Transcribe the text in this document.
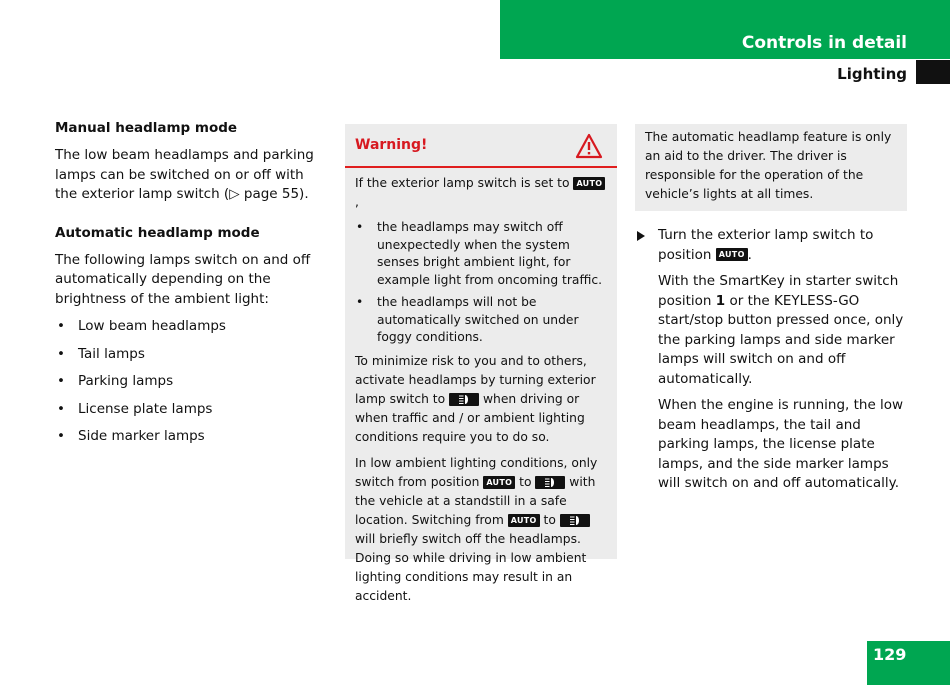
Controls in detail
Lighting
Manual headlamp mode

The low beam headlamps and parking lamps can be switched on or off with the exterior lamp switch (▷ page 55).

Automatic headlamp mode

The following lamps switch on and off automatically depending on the brightness of the ambient light:

• Low beam headlamps
• Tail lamps
• Parking lamps
• License plate lamps
• Side marker lamps
Warning!

If the exterior lamp switch is set to AUTO,

• the headlamps may switch off unexpectedly when the system senses bright ambient light, for example light from oncoming traffic.
• the headlamps will not be automatically switched on under foggy conditions.

To minimize risk to you and to others, activate headlamps by turning exterior lamp switch to
when driving or when traffic and / or ambient lighting conditions require you to do so.

In low ambient lighting conditions, only switch from position AUTO to
with the vehicle at a standstill in a safe location. Switching from AUTO to
will briefly switch off the headlamps. Doing so while driving in low ambient lighting conditions may result in an accident.

The automatic headlamp feature is only an aid to the driver. The driver is responsible for the operation of the vehicle’s lights at all times.

Turn the exterior lamp switch to position AUTO .

With the SmartKey in starter switch position 1 or the KEYLESS-GO start/stop button pressed once, only the parking lamps and side marker lamps will switch on and off automatically.

When the engine is running, the low beam headlamps, the tail and parking lamps, the license plate lamps, and the side marker lamps will switch on and off automatically.

129
